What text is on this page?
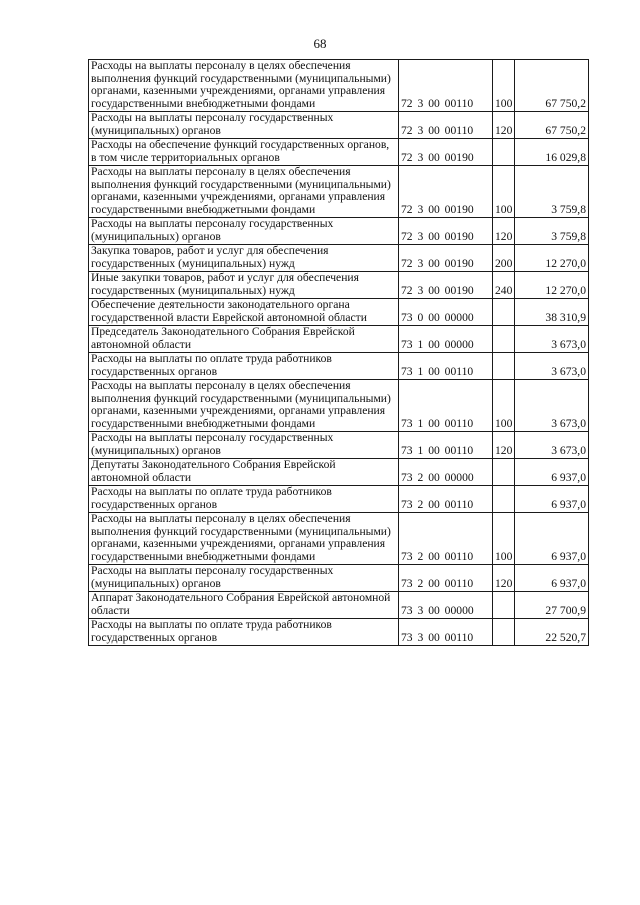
68
Расходы на выплаты персоналу в целях обеспечения выполнения функций государственными (муниципальными) органами, казенными учреждениями, органами управления государственными внебюджетными фондами	72 3 00 00110	100	67 750,2
Расходы на выплаты персоналу государственных (муниципальных) органов	72 3 00 00110	120	67 750,2
Расходы на обеспечение функций государственных органов, в том числе территориальных органов	72 3 00 00190		16 029,8
Расходы на выплаты персоналу в целях обеспечения выполнения функций государственными (муниципальными) органами, казенными учреждениями, органами управления государственными внебюджетными фондами	72 3 00 00190	100	3 759,8
Расходы на выплаты персоналу государственных (муниципальных) органов	72 3 00 00190	120	3 759,8
Закупка товаров, работ и услуг для обеспечения государственных (муниципальных) нужд	72 3 00 00190	200	12 270,0
Иные закупки товаров, работ и услуг для обеспечения государственных (муниципальных) нужд	72 3 00 00190	240	12 270,0
Обеспечение деятельности законодательного органа государственной власти Еврейской автономной области	73 0 00 00000		38 310,9
Председатель Законодательного Собрания Еврейской автономной области	73 1 00 00000		3 673,0
Расходы на выплаты по оплате труда работников государственных органов	73 1 00 00110		3 673,0
Расходы на выплаты персоналу в целях обеспечения выполнения функций государственными (муниципальными) органами, казенными учреждениями, органами управления государственными внебюджетными фондами	73 1 00 00110	100	3 673,0
Расходы на выплаты персоналу государственных (муниципальных) органов	73 1 00 00110	120	3 673,0
Депутаты Законодательного Собрания Еврейской автономной области	73 2 00 00000		6 937,0
Расходы на выплаты по оплате труда работников государственных органов	73 2 00 00110		6 937,0
Расходы на выплаты персоналу в целях обеспечения выполнения функций государственными (муниципальными) органами, казенными учреждениями, органами управления государственными внебюджетными фондами	73 2 00 00110	100	6 937,0
Расходы на выплаты персоналу государственных (муниципальных) органов	73 2 00 00110	120	6 937,0
Аппарат Законодательного Собрания Еврейской автономной области	73 3 00 00000		27 700,9
Расходы на выплаты по оплате труда работников государственных органов	73 3 00 00110		22 520,7
